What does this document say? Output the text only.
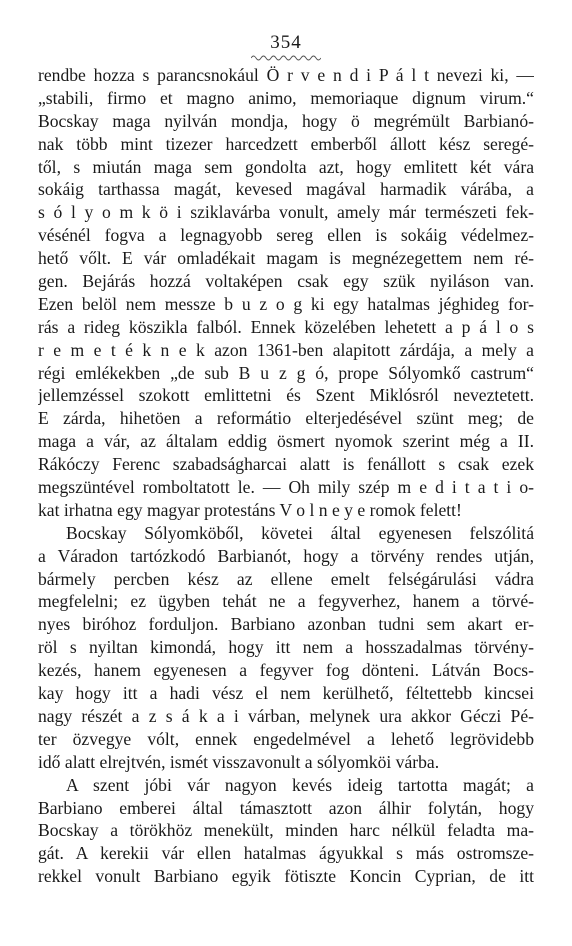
354
rendbe hozza s parancsnokául Ö r v e n d i P á l t nevezi ki, —
„stabili, firmo et magno animo, memoriaque dignum virum.“
Bocskay maga nyilván mondja, hogy ö megrémült Barbianó-
nak több mint tizezer harcedzett emberből állott kész seregé-
től, s miután maga sem gondolta azt, hogy emlitett két vára
sokáig tarthassa magát, kevesed magával harmadik várába, a
s ó l y o m k ö i sziklavárba vonult, amely már természeti fek-
vésénél fogva a legnagyobb sereg ellen is sokáig védelmez-
hető vőlt. E vár omladékait magam is megnézegettem nem ré-
gen. Bejárás hozzá voltaképen csak egy szük nyiláson van.
Ezen belöl nem messze b u z o g ki egy hatalmas jéghideg for-
rás a rideg köszikla falból. Ennek közelében lehetett a p á l o s
r e m e t é k n e k azon 1361-ben alapitott zárdája, a mely a
régi emlékekben „de sub B u z g ó, prope Sólyomkő castrum“
jellemzéssel szokott emlittetni és Szent Miklósról neveztetett.
E zárda, hihetöen a reformátio elterjedésével szünt meg; de
maga a vár, az általam eddig ösmert nyomok szerint még a II.
Rákóczy Ferenc szabadságharcai alatt is fenállott s csak ezek
megszüntével romboltatott le. — Oh mily szép m e d i t a t i o-
kat irhatna egy magyar protestáns V o l n e y e romok felett!
Bocskay Sólyomköből, követei által egyenesen felszólitá
a Váradon tartózkodó Barbianót, hogy a törvény rendes utján,
bármely percben kész az ellene emelt felségárulási vádra
megfelelni; ez ügyben tehát ne a fegyverhez, hanem a törvé-
nyes biróhoz forduljon. Barbiano azonban tudni sem akart er-
röl s nyiltan kimondá, hogy itt nem a hosszadalmas törvény-
kezés, hanem egyenesen a fegyver fog dönteni. Látván Bocs-
kay hogy itt a hadi vész el nem kerülhető, féltettebb kincsei
nagy részét a z s á k a i várban, melynek ura akkor Géczi Pé-
ter özvegye vólt, ennek engedelmével a lehető legrövidebb
idő alatt elrejtvén, ismét visszavonult a sólyomköi várba.
A szent jóbi vár nagyon kevés ideig tartotta magát; a
Barbiano emberei által támasztott azon álhir folytán, hogy
Bocskay a törökhöz menekült, minden harc nélkül feladta ma-
gát. A kerekii vár ellen hatalmas ágyukkal s más ostromsze-
rekkel vonult Barbiano egyik fötiszte Koncin Cyprian, de itt
